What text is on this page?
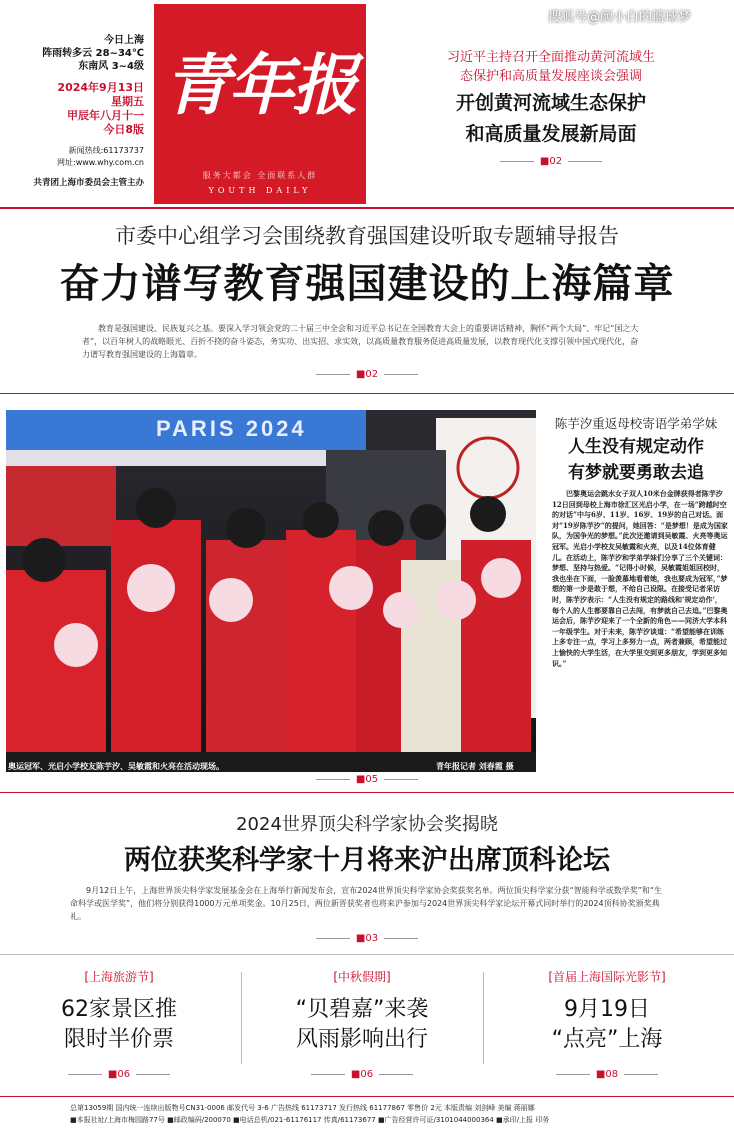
搜狐号@颜小白的篮球梦
今日上海
阵雨转多云 28~34℃
东南风 3~4级
2024年9月13日
星期五
甲辰年八月十一
今日8版
新闻热线:61173737
网址:www.why.com.cn
共青团上海市委员会主管主办
青年报
服务大都会 全面联系人群
YOUTH DAILY
习近平主持召开全面推动黄河流域生
态保护和高质量发展座谈会强调
开创黄河流域生态保护
和高质量发展新局面
■02
市委中心组学习会围绕教育强国建设听取专题辅导报告
奋力谱写教育强国建设的上海篇章
教育是强国建设、民族复兴之基。要深入学习领会党的二十届三中全会和习近平总书记在全国教育大会上的重要讲话精神，胸怀“两个大局”、牢记“国之大者”，以百年树人的战略眼光、百折不挠的奋斗姿态，务实功、出实招、求实效，以高质量教育服务促进高质量发展，以教育现代化支撑引领中国式现代化，奋力谱写教育强国建设的上海篇章。
■02
PARIS 2024
奥运冠军、光启小学校友陈芋汐、吴敏霞和火亮在活动现场。	青年报记者 刘春霞 摄
陈芋汐重返母校寄语学弟学妹
人生没有规定动作
有梦就要勇敢去追
巴黎奥运会跳水女子双人10米台金牌获得者陈芋汐12日回到母校上海市徐汇区光启小学，在一场“跨越时空的对话”中与6岁、11岁、16岁、19岁的自己对话。面对“19岁陈芋汐”的提问，她回答：“是梦想！是成为国家队，为国争光的梦想。”此次还邀请到吴敏霞、火亮等奥运冠军。光启小学校友吴敏霞和火亮，以及14位体育健儿。在活动上，陈芋汐和学弟学妹们分享了三个关键词：梦想、坚持与热爱。“记得小时候，吴敏霞姐姐回校时，我也坐在下面，一脸羡慕地看着她，我也要成为冠军，”梦想的第一步是敢于想，不给自己设限。在接受记者采访时，陈芋汐表示：“人生没有规定的路线和‘规定动作’，每个人的人生都要靠自己去闯，有梦就自己去追。”巴黎奥运会后，陈芋汐迎来了一个全新的角色——同济大学本科一年级学生。对于未来，陈芋汐谈道：“希望能够在训练上多专注一点，学习上多努力一点，两者兼顾，希望能过上愉快的大学生活，在大学里交到更多朋友，学到更多知识。”
■05
2024世界顶尖科学家协会奖揭晓
两位获奖科学家十月将来沪出席顶科论坛
9月12日上午，上海世界顶尖科学家发展基金会在上海举行新闻发布会，宣布2024世界顶尖科学家协会奖获奖名单。两位顶尖科学家分获“智能科学或数学奖”和“生命科学或医学奖”，他们将分别获得1000万元单项奖金。10月25日，两位新晋获奖者也将来沪参加与2024世界顶尖科学家论坛开幕式同时举行的2024顶科协奖颁奖典礼。
■03
[上海旅游节]
62家景区推
限时半价票
■06
[中秋假期]
“贝碧嘉”来袭
风雨影响出行
■06
[首届上海国际光影节]
9月19日
“点亮”上海
■08
总第13059期 国内统一连续出版物号CN31-0006 邮发代号 3-6 广告热线 61173717 发行热线 61177867 零售价 2元 本版责编 刘剑峰 美编 蒋丽娜
■本报社址/上海市梅园路77号 ■邮政编码/200070 ■电话总机/021-61176117 传真/61173677 ■广告经营许可证/3101044000364 ■承印/上报 印务
